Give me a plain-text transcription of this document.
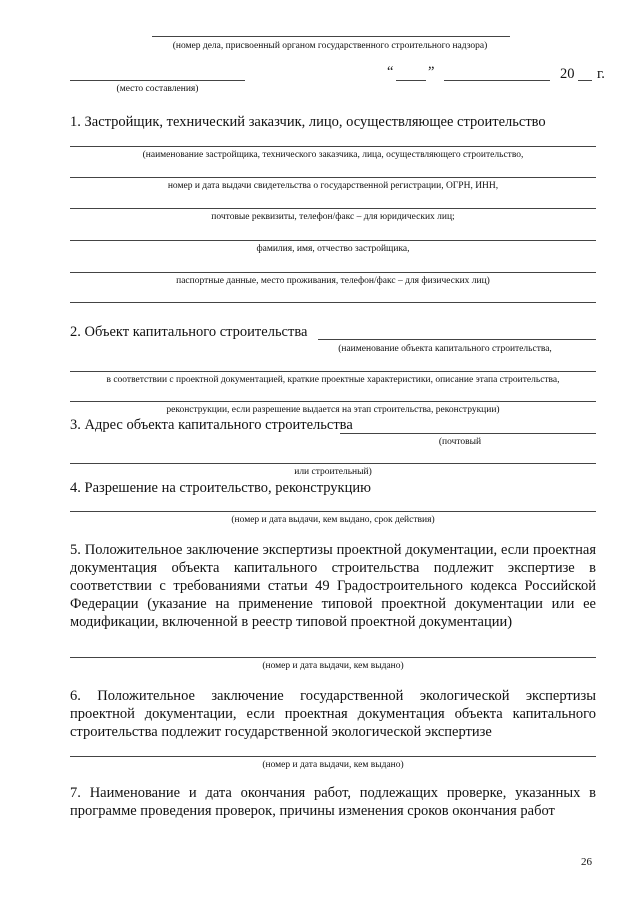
(номер дела, присвоенный органом государственного строительного надзора)
(место составления)
“ ”	20 г.
1. Застройщик, технический заказчик, лицо, осуществляющее строительство
(наименование застройщика, технического заказчика, лица, осуществляющего строительство,
номер и дата выдачи свидетельства о государственной регистрации, ОГРН, ИНН,
почтовые реквизиты, телефон/факс – для юридических лиц;
фамилия, имя, отчество застройщика,
паспортные данные, место проживания, телефон/факс – для физических лиц)
2. Объект капитального строительства
(наименование объекта капитального строительства,
в соответствии с проектной документацией, краткие проектные характеристики, описание этапа строительства,
реконструкции, если разрешение выдается на этап строительства, реконструкции)
3. Адрес объекта капитального строительства
(почтовый
или строительный)
4. Разрешение на строительство, реконструкцию
(номер и дата выдачи, кем выдано, срок действия)
5. Положительное заключение экспертизы проектной документации, если проектная документация объекта капитального строительства подлежит экспертизе в соответствии с требованиями статьи 49 Градостроительного кодекса Российской Федерации (указание на применение типовой проектной документации или ее модификации, включенной в реестр типовой проектной документации)
(номер и дата выдачи, кем выдано)
6. Положительное заключение государственной экологической экспертизы проектной документации, если проектная документация объекта капитального строительства подлежит государственной экологической экспертизе
(номер и дата выдачи, кем выдано)
7. Наименование и дата окончания работ, подлежащих проверке, указанных в программе проведения проверок, причины изменения сроков окончания работ
26
